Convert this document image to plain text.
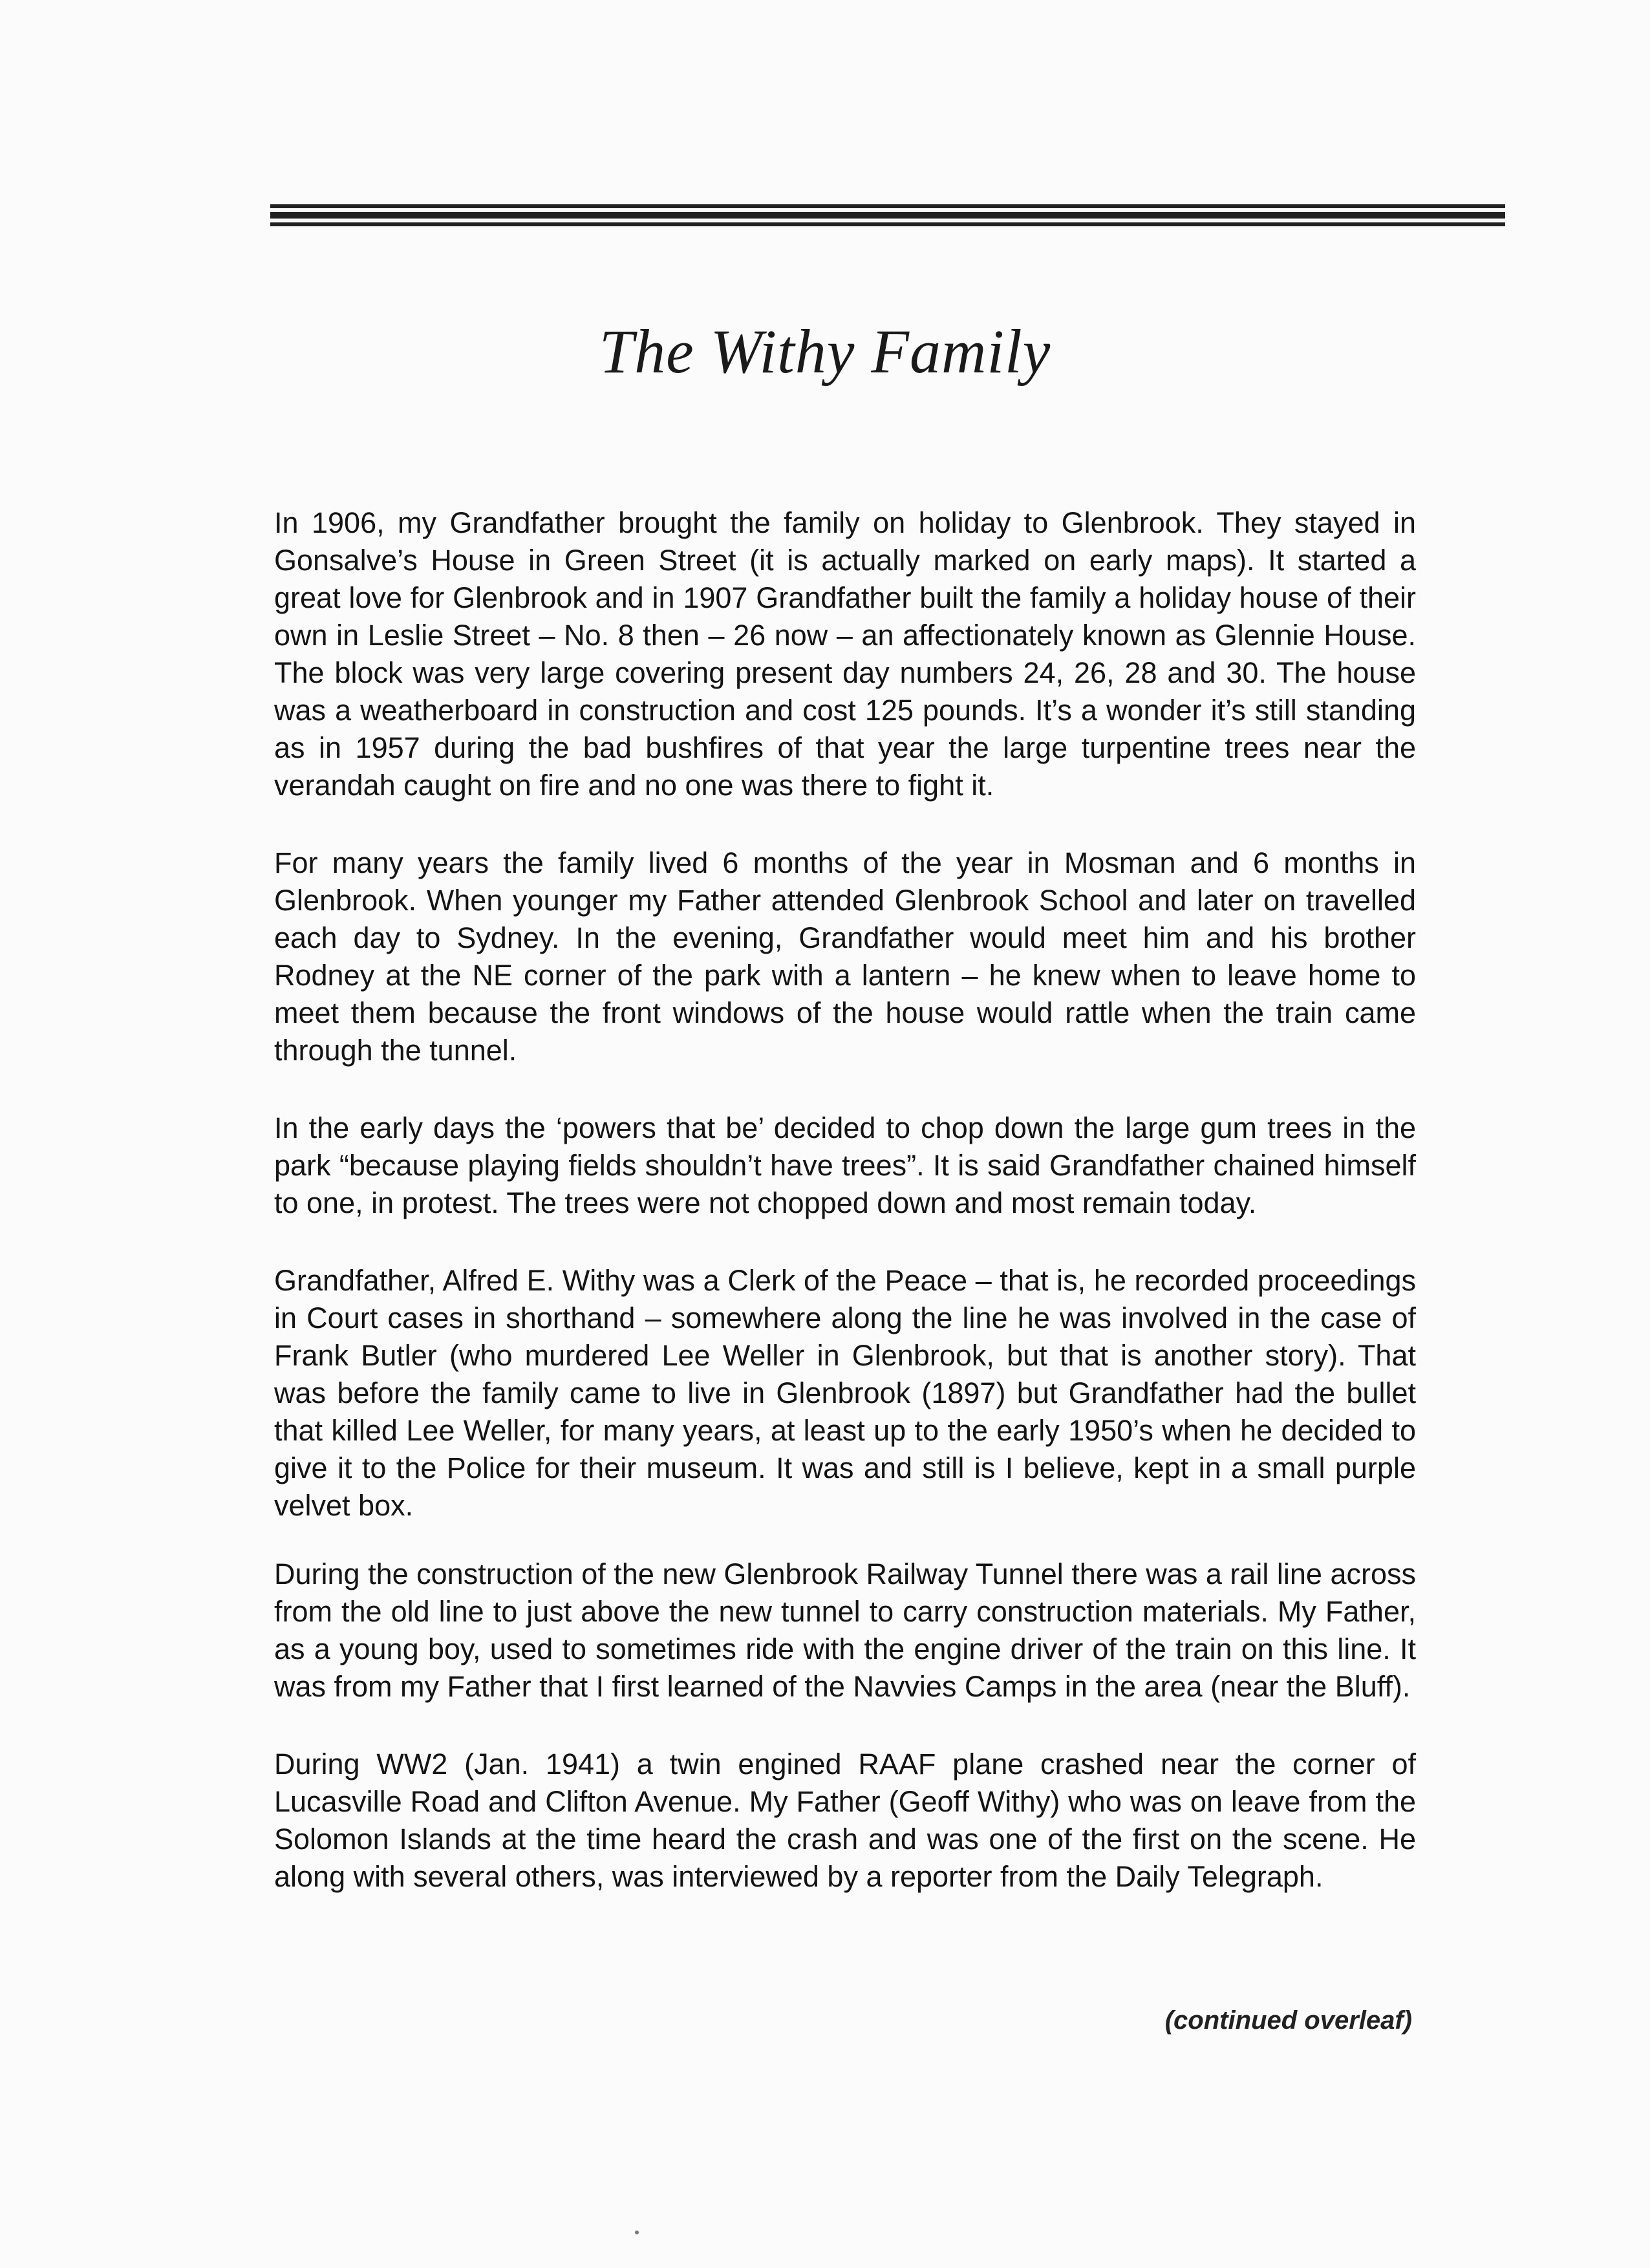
The Withy Family

In 1906, my Grandfather brought the family on holiday to Glenbrook. They stayed in Gonsalve’s House in Green Street (it is actually marked on early maps). It started a great love for Glenbrook and in 1907 Grandfather built the family a holiday house of their own in Leslie Street – No. 8 then – 26 now – an affectionately known as Glennie House. The block was very large covering present day numbers 24, 26, 28 and 30. The house was a weatherboard in construction and cost 125 pounds. It’s a wonder it’s still standing as in 1957 during the bad bushfires of that year the large turpentine trees near the verandah caught on fire and no one was there to fight it.

For many years the family lived 6 months of the year in Mosman and 6 months in Glenbrook. When younger my Father attended Glenbrook School and later on travelled each day to Sydney. In the evening, Grandfather would meet him and his brother Rodney at the NE corner of the park with a lantern – he knew when to leave home to meet them because the front windows of the house would rattle when the train came through the tunnel.

In the early days the ‘powers that be’ decided to chop down the large gum trees in the park “because playing fields shouldn’t have trees”. It is said Grandfather chained himself to one, in protest. The trees were not chopped down and most remain today.

Grandfather, Alfred E. Withy was a Clerk of the Peace – that is, he recorded proceedings in Court cases in shorthand – somewhere along the line he was involved in the case of Frank Butler (who murdered Lee Weller in Glenbrook, but that is another story). That was before the family came to live in Glenbrook (1897) but Grandfather had the bullet that killed Lee Weller, for many years, at least up to the early 1950’s when he decided to give it to the Police for their museum. It was and still is I believe, kept in a small purple velvet box.

During the construction of the new Glenbrook Railway Tunnel there was a rail line across from the old line to just above the new tunnel to carry construction materials. My Father, as a young boy, used to sometimes ride with the engine driver of the train on this line. It was from my Father that I first learned of the Navvies Camps in the area (near the Bluff).

During WW2 (Jan. 1941) a twin engined RAAF plane crashed near the corner of Lucasville Road and Clifton Avenue. My Father (Geoff Withy) who was on leave from the Solomon Islands at the time heard the crash and was one of the first on the scene. He along with several others, was interviewed by a reporter from the Daily Telegraph.

(continued overleaf)
